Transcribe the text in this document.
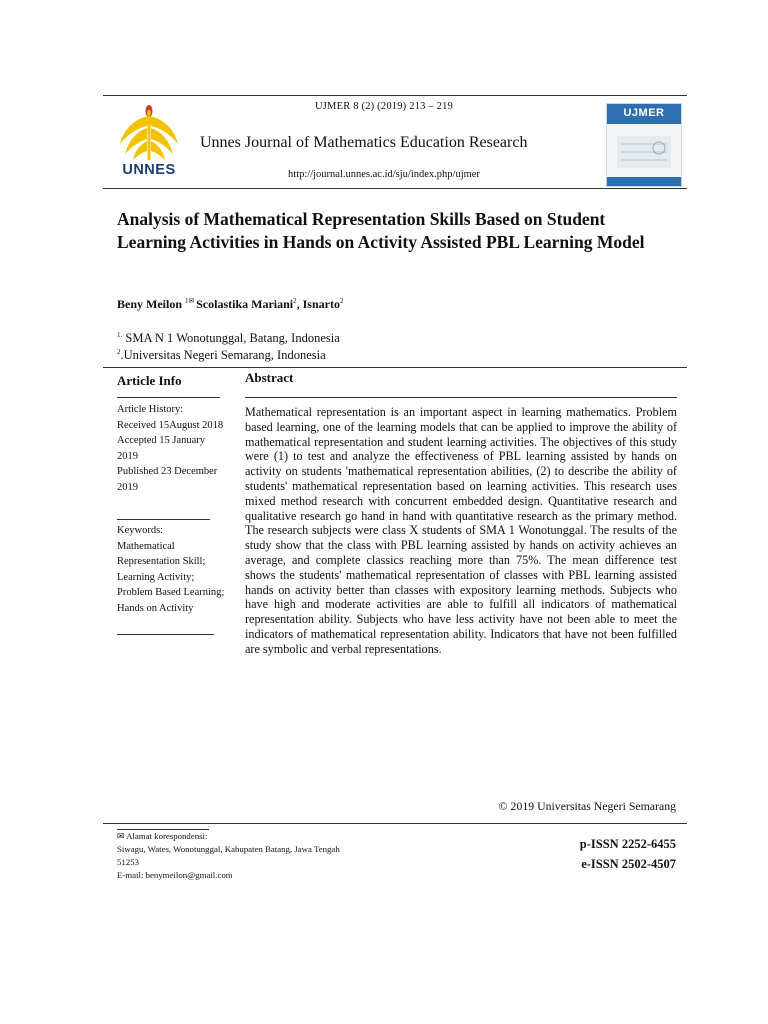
UJMER 8 (2) (2019) 213 – 219
UNNES
Unnes Journal of Mathematics Education Research
http://journal.unnes.ac.id/sju/index.php/ujmer
UJMER
Analysis of Mathematical Representation Skills Based on Student Learning Activities in Hands on Activity Assisted PBL Learning Model
Beny Meilon $^{1✉}$ Scolastika Mariani$^2$, Isnarto$^2$
$^{1.}$ SMA N 1 Wonotunggal, Batang, Indonesia
$^2$.Universitas Negeri Semarang, Indonesia
Article Info	Abstract
Article History:
Received 15August 2018
Accepted 15 January 2019
Published 23 December 2019
Keywords:
Mathematical Representation Skill; Learning Activity; Problem Based Learning; Hands on Activity
Mathematical representation is an important aspect in learning mathematics. Problem based learning, one of the learning models that can be applied to improve the ability of mathematical representation and student learning activities. The objectives of this study were (1) to test and analyze the effectiveness of PBL learning assisted by hands on activity on students 'mathematical representation abilities, (2) to describe the ability of students' mathematical representation based on learning activities. This research uses mixed method research with concurrent embedded design. Quantitative research and qualitative research go hand in hand with quantitative research as the primary method. The research subjects were class X students of SMA 1 Wonotunggal. The results of the study show that the class with PBL learning assisted by hands on activity achieves an average, and complete classics reaching more than 75%. The mean difference test shows the students' mathematical representation of classes with PBL learning assisted hands on activity better than classes with expository learning methods. Subjects who have high and moderate activities are able to fulfill all indicators of mathematical representation ability. Subjects who have less activity have not been able to meet the indicators of mathematical representation ability. Indicators that have not been fulfilled are symbolic and verbal representations.
© 2019 Universitas Negeri Semarang
✉ Alamat korespondensi:
Siwagu, Wates, Wonotunggal, Kabupaten Batang, Jawa Tengah
51253
E-mail: benymeilon@gmail.com
p-ISSN 2252-6455
e-ISSN 2502-4507
